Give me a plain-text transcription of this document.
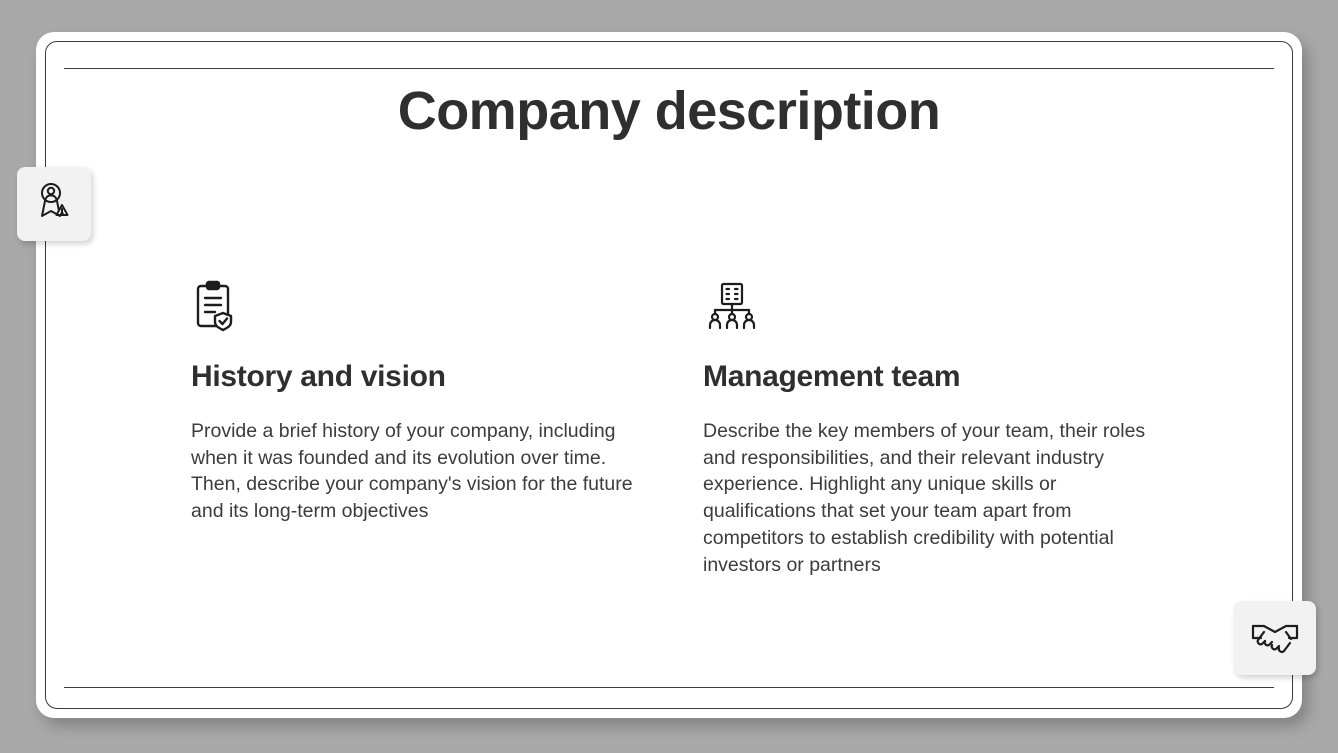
Company description
History and vision
Provide a brief history of your company, including when it was founded and its evolution over time. Then, describe your company's vision for the future and its long-term objectives
Management team
Describe the key members of your team, their roles and responsibilities, and their relevant industry experience. Highlight any unique skills or qualifications that set your team apart from competitors to establish credibility with potential investors or partners
